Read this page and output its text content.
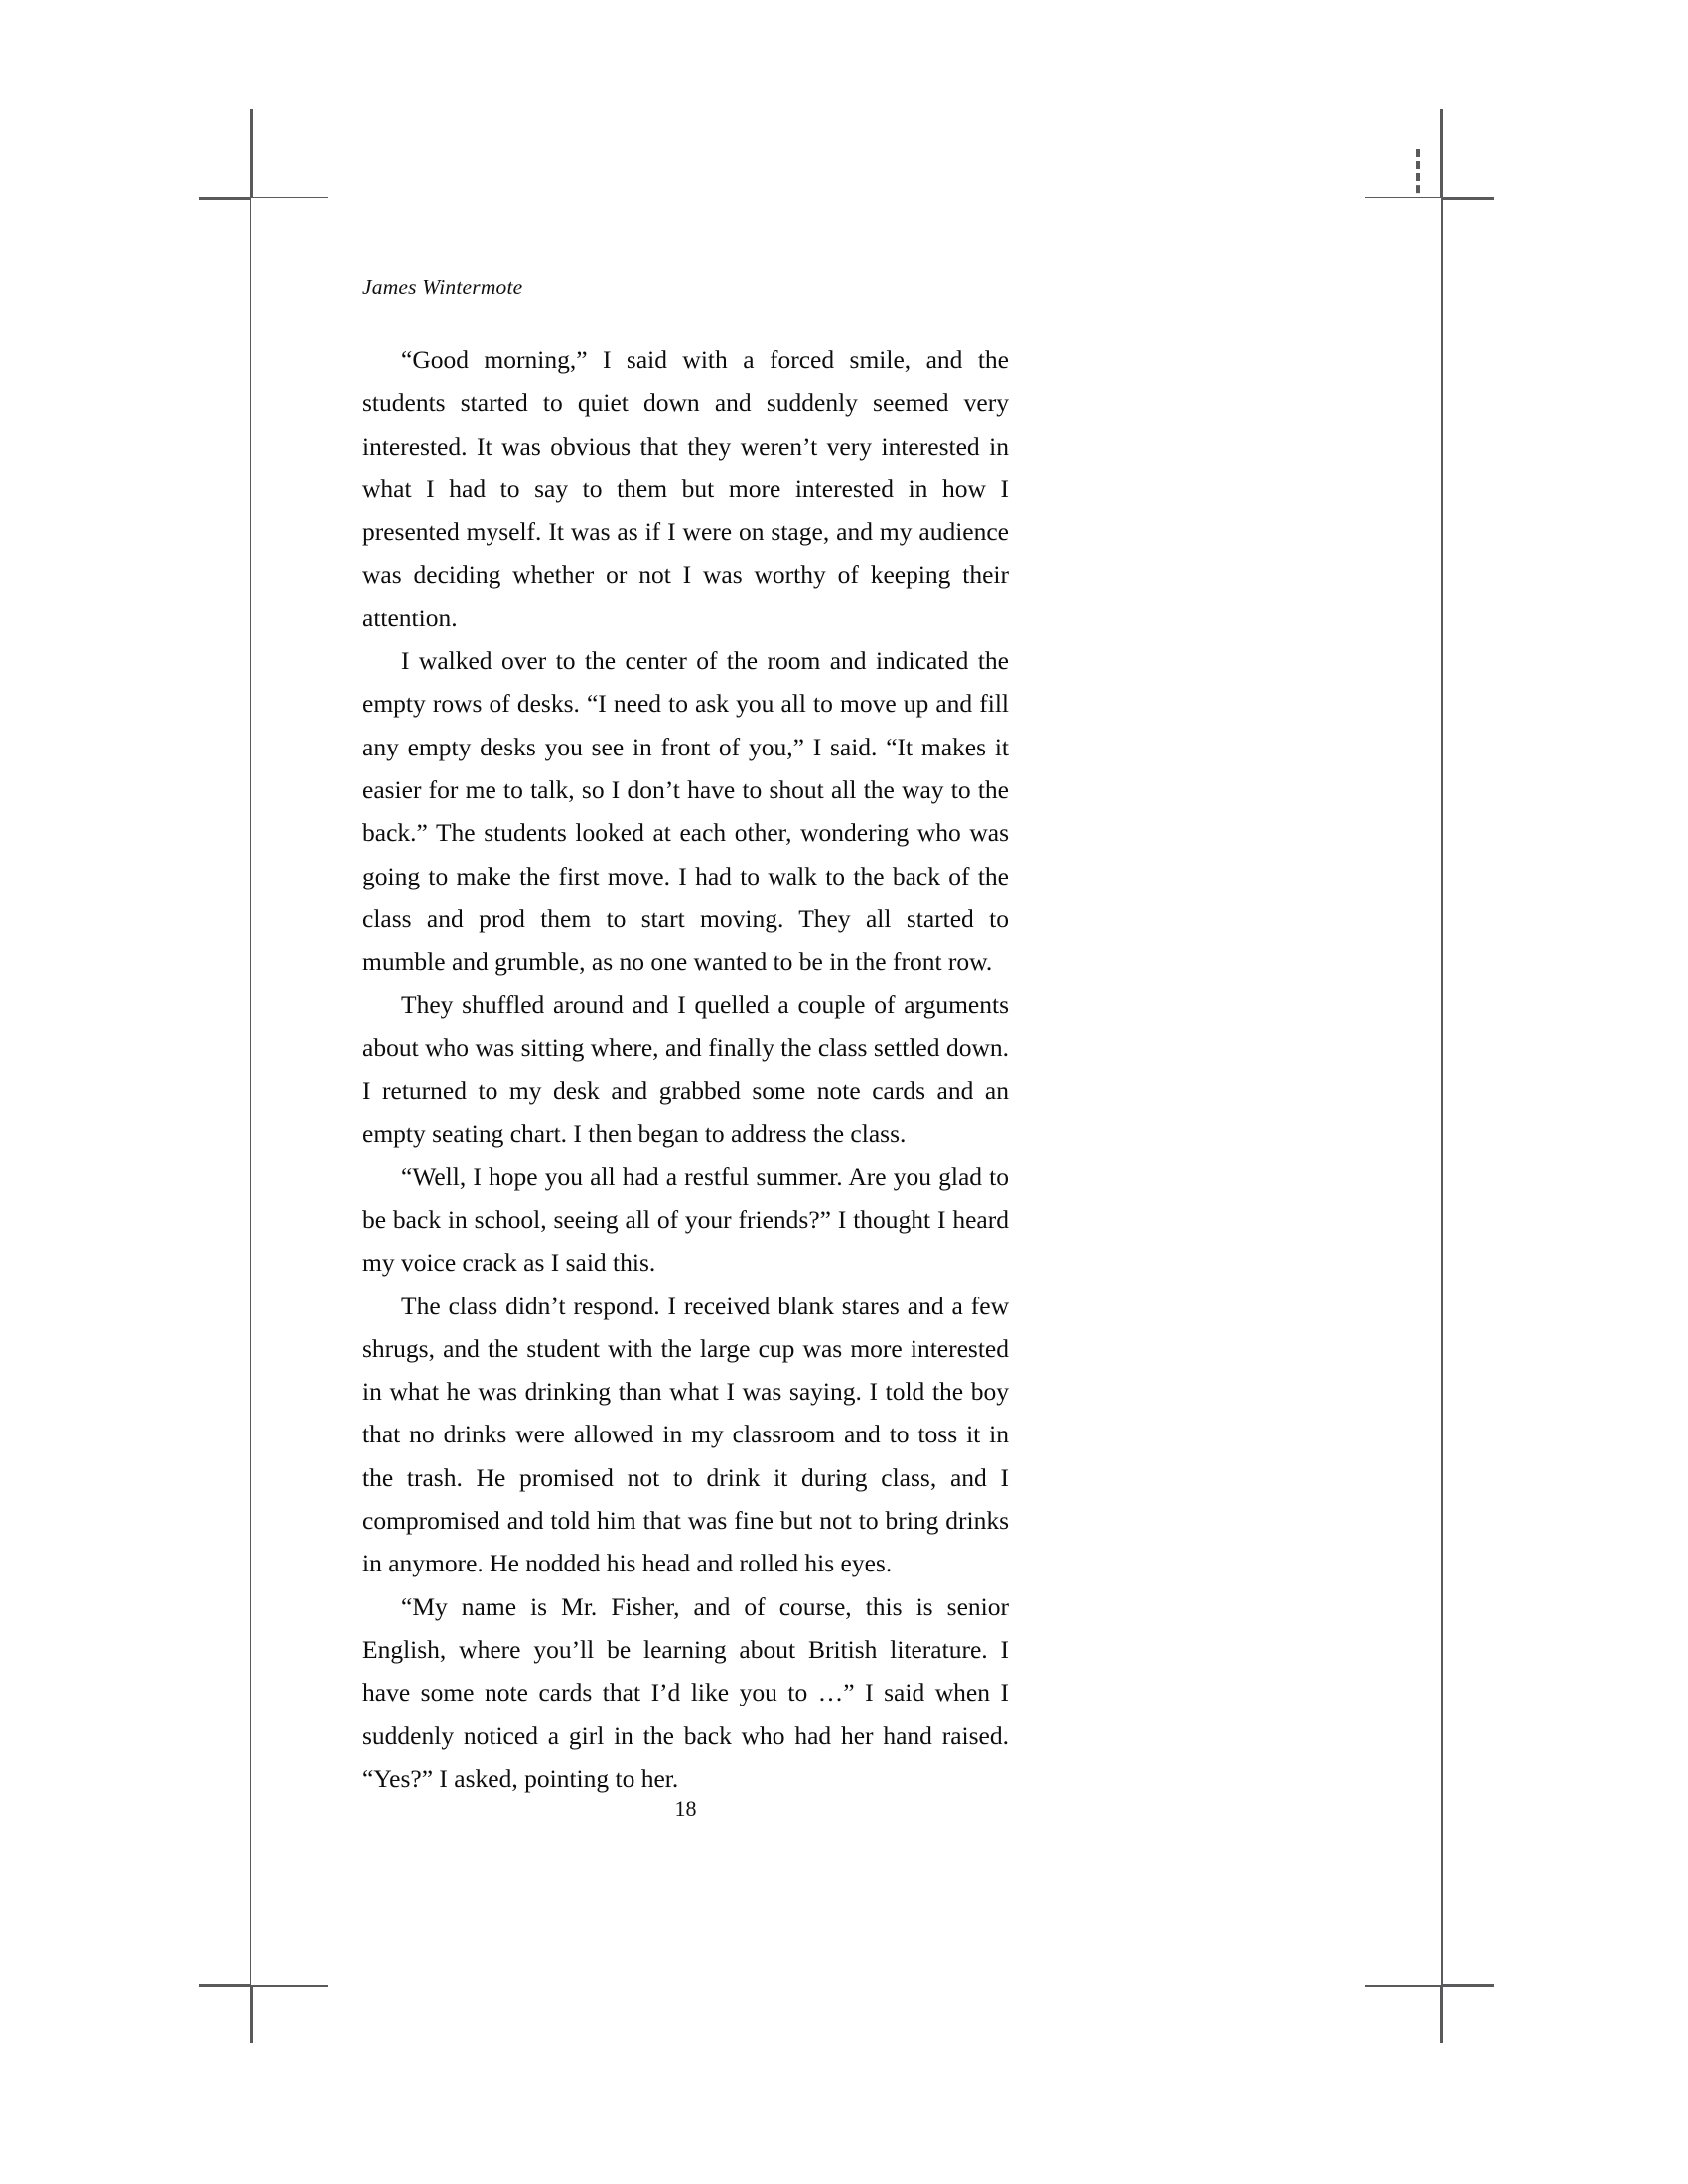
James Wintermote

“Good morning,” I said with a forced smile, and the students started to quiet down and suddenly seemed very interested. It was obvious that they weren’t very interested in what I had to say to them but more interested in how I presented myself. It was as if I were on stage, and my audience was deciding whether or not I was worthy of keeping their attention.

I walked over to the center of the room and indicated the empty rows of desks. “I need to ask you all to move up and fill any empty desks you see in front of you,” I said. “It makes it easier for me to talk, so I don’t have to shout all the way to the back.” The students looked at each other, wondering who was going to make the first move. I had to walk to the back of the class and prod them to start moving. They all started to mumble and grumble, as no one wanted to be in the front row.

They shuffled around and I quelled a couple of arguments about who was sitting where, and finally the class settled down. I returned to my desk and grabbed some note cards and an empty seating chart. I then began to address the class.

“Well, I hope you all had a restful summer. Are you glad to be back in school, seeing all of your friends?” I thought I heard my voice crack as I said this.

The class didn’t respond. I received blank stares and a few shrugs, and the student with the large cup was more interested in what he was drinking than what I was saying. I told the boy that no drinks were allowed in my classroom and to toss it in the trash. He promised not to drink it during class, and I compromised and told him that was fine but not to bring drinks in anymore. He nodded his head and rolled his eyes.

“My name is Mr. Fisher, and of course, this is senior English, where you’ll be learning about British literature. I have some note cards that I’d like you to …” I said when I suddenly noticed a girl in the back who had her hand raised. “Yes?” I asked, pointing to her.

18
